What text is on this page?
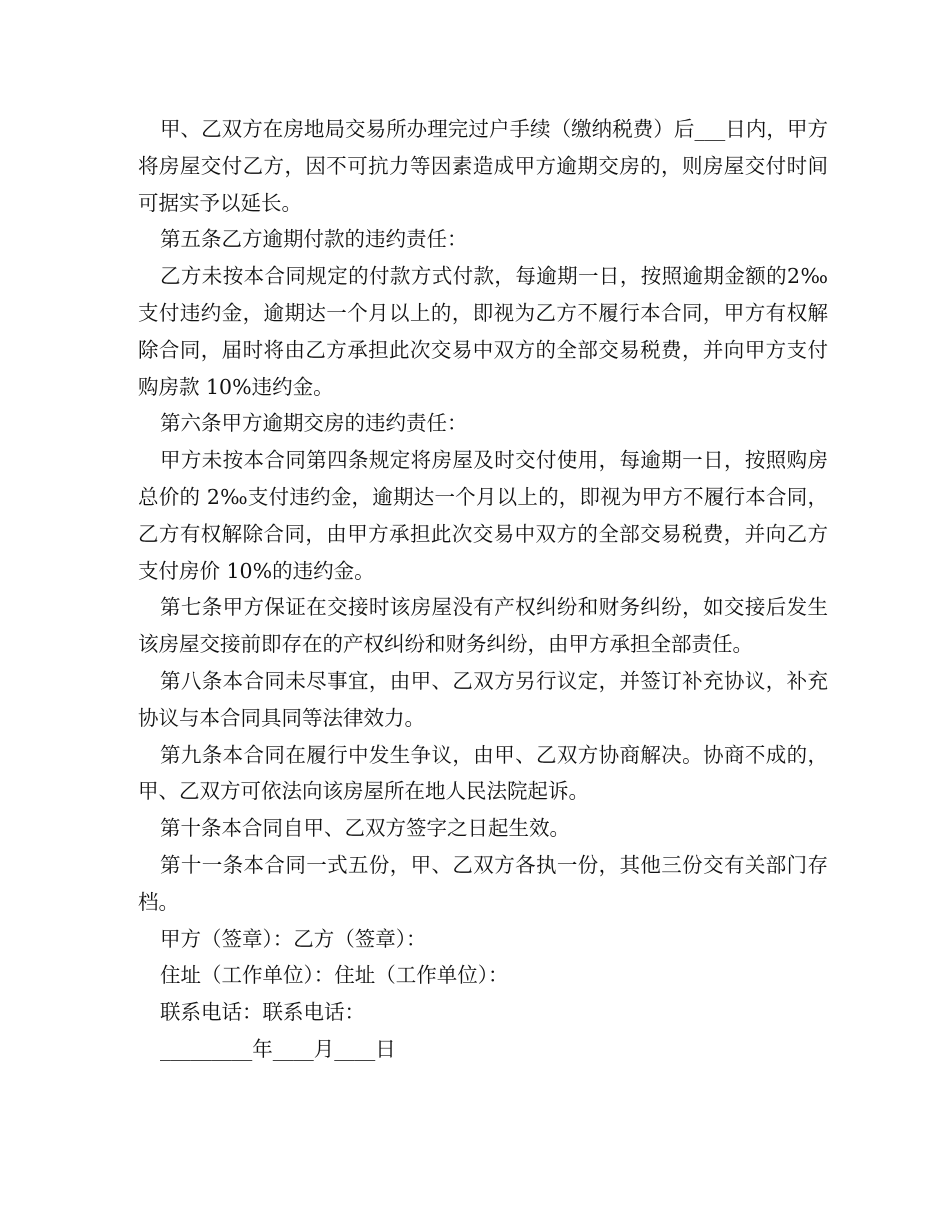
甲、乙双方在房地局交易所办理完过户手续（缴纳税费）后___日内，甲方将房屋交付乙方，因不可抗力等因素造成甲方逾期交房的，则房屋交付时间可据实予以延长。

第五条乙方逾期付款的违约责任：

乙方未按本合同规定的付款方式付款，每逾期一日，按照逾期金额的2‰支付违约金，逾期达一个月以上的，即视为乙方不履行本合同，甲方有权解除合同，届时将由乙方承担此次交易中双方的全部交易税费，并向甲方支付购房款 10%违约金。

第六条甲方逾期交房的违约责任：

甲方未按本合同第四条规定将房屋及时交付使用，每逾期一日，按照购房总价的 2‰支付违约金，逾期达一个月以上的，即视为甲方不履行本合同，乙方有权解除合同，由甲方承担此次交易中双方的全部交易税费，并向乙方支付房价 10%的违约金。

第七条甲方保证在交接时该房屋没有产权纠纷和财务纠纷，如交接后发生该房屋交接前即存在的产权纠纷和财务纠纷，由甲方承担全部责任。

第八条本合同未尽事宜，由甲、乙双方另行议定，并签订补充协议，补充协议与本合同具同等法律效力。

第九条本合同在履行中发生争议，由甲、乙双方协商解决。协商不成的，甲、乙双方可依法向该房屋所在地人民法院起诉。

第十条本合同自甲、乙双方签字之日起生效。

第十一条本合同一式五份，甲、乙双方各执一份，其他三份交有关部门存档。

甲方（签章）：乙方（签章）：

住址（工作单位）：住址（工作单位）：

联系电话：联系电话：

_________年____月____日
